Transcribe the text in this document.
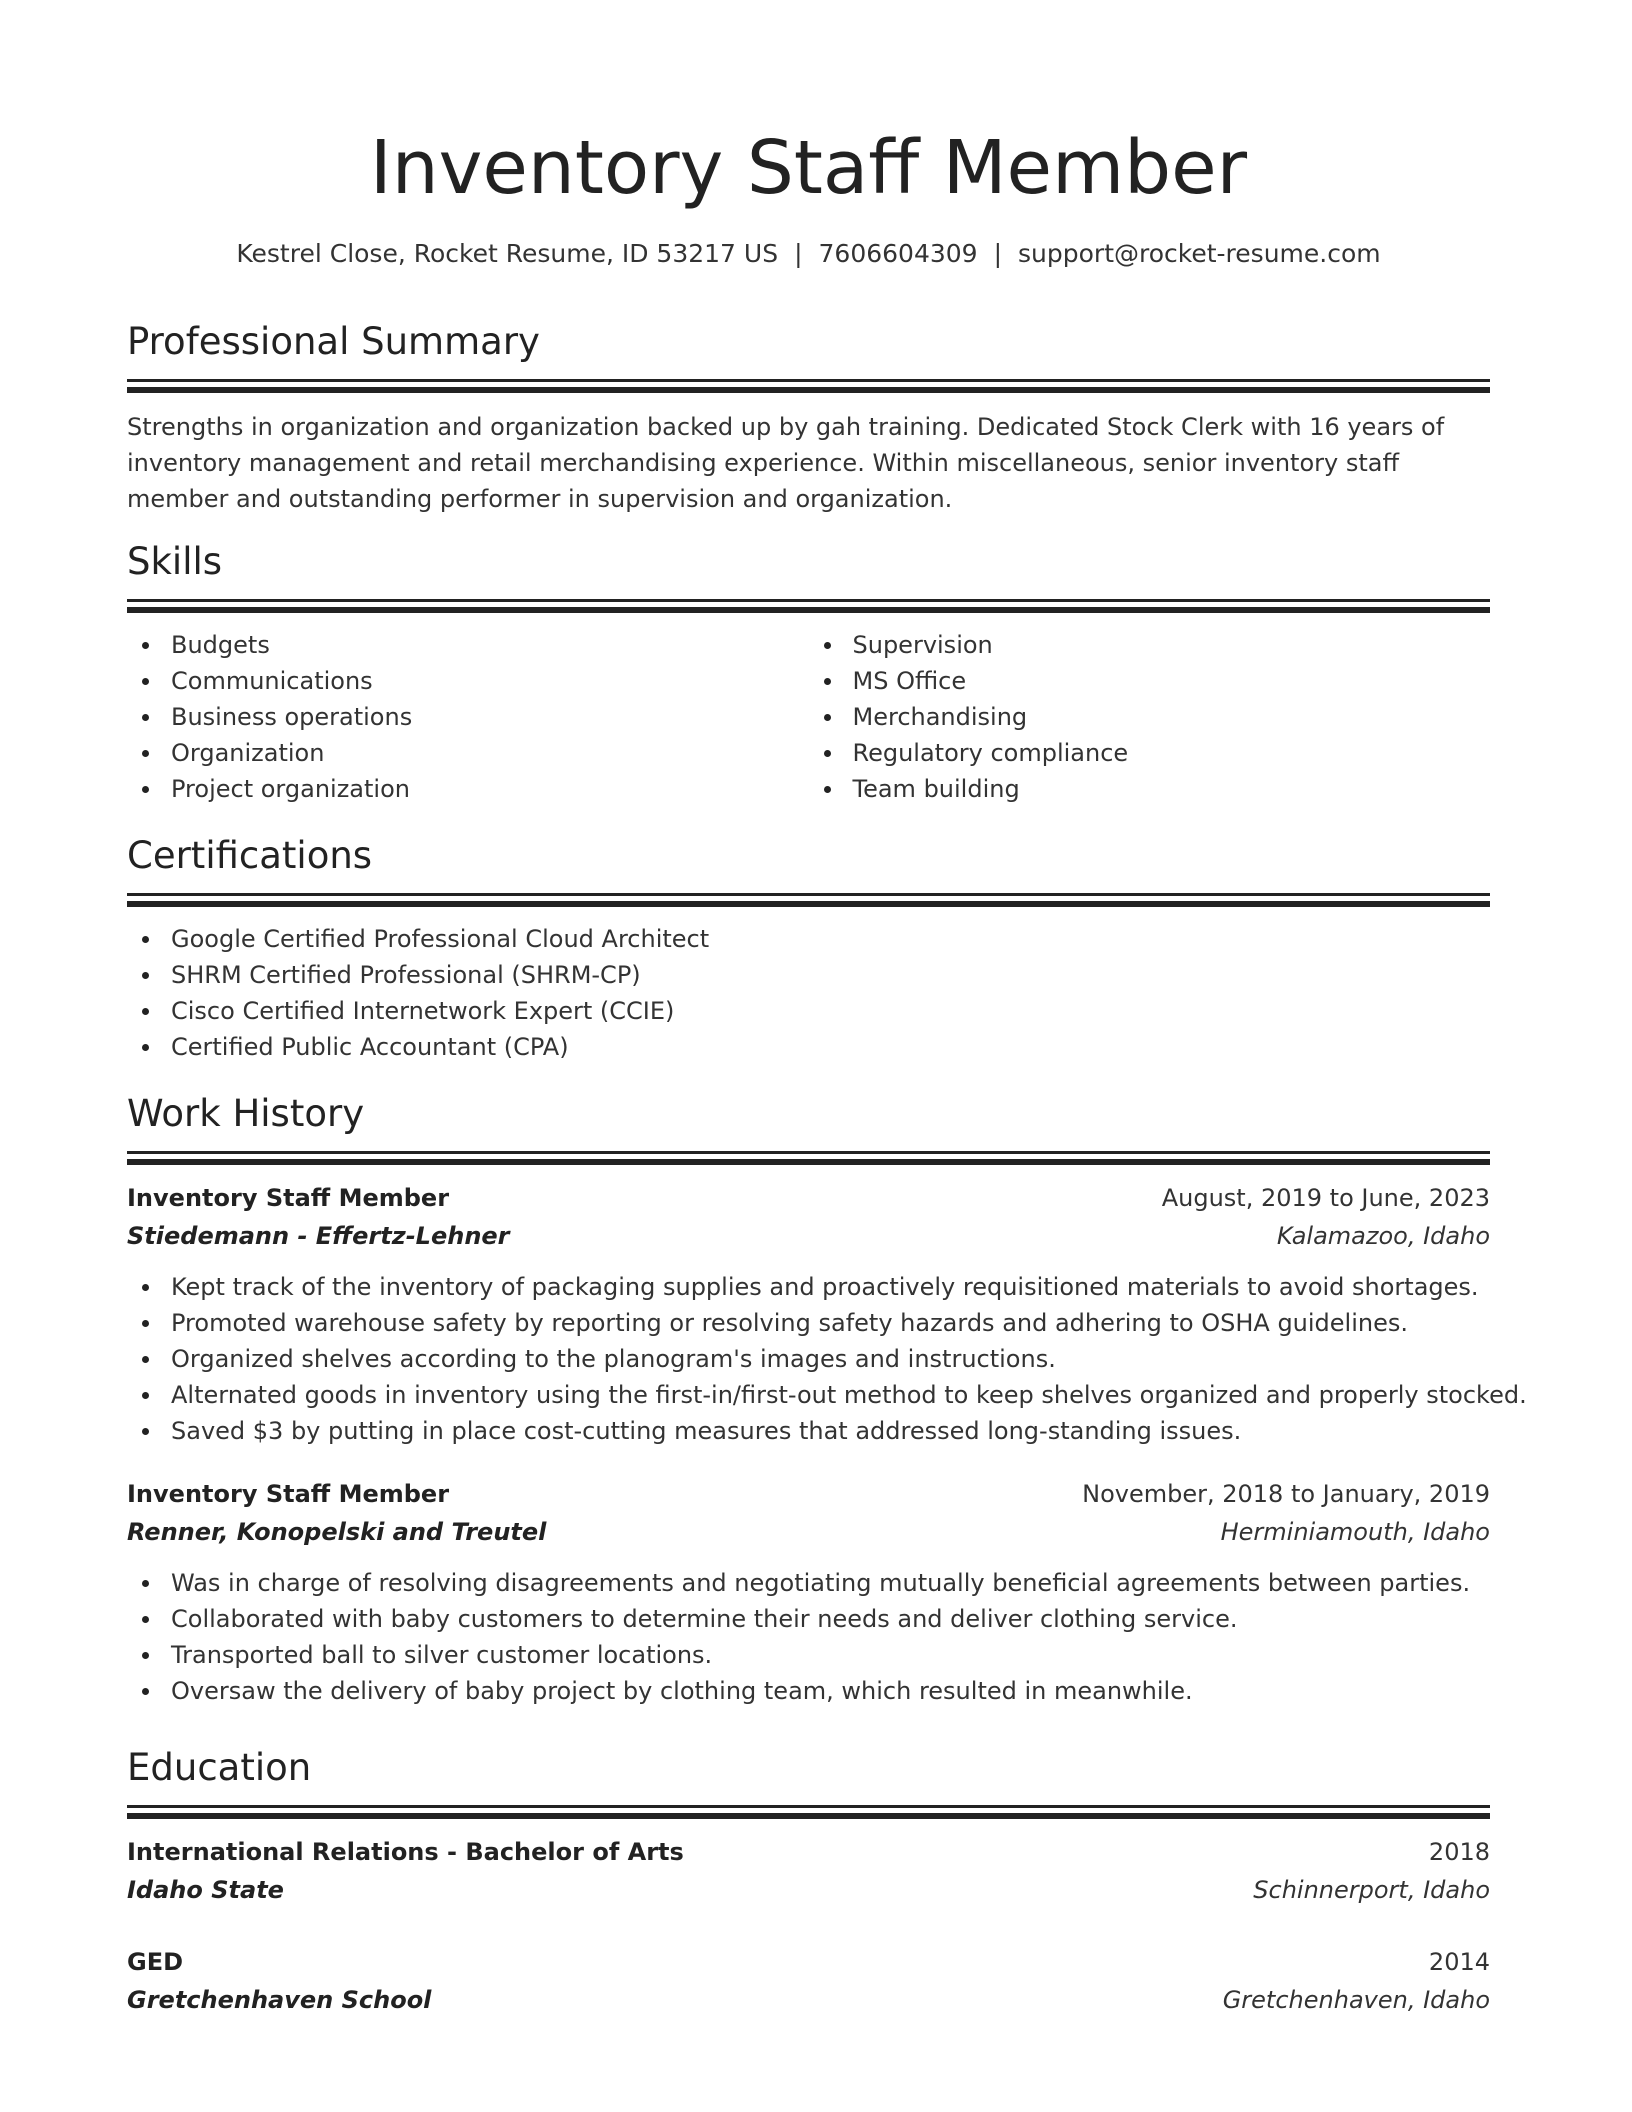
Inventory Staff Member
Kestrel Close, Rocket Resume, ID 53217 US | 7606604309 | support@rocket-resume.com
Professional Summary
Strengths in organization and organization backed up by gah training. Dedicated Stock Clerk with 16 years of inventory management and retail merchandising experience. Within miscellaneous, senior inventory staff member and outstanding performer in supervision and organization.
Skills
Budgets
Communications
Business operations
Organization
Project organization
Supervision
MS Office
Merchandising
Regulatory compliance
Team building
Certifications
Google Certified Professional Cloud Architect
SHRM Certified Professional (SHRM-CP)
Cisco Certified Internetwork Expert (CCIE)
Certified Public Accountant (CPA)
Work History
Inventory Staff Member	August, 2019 to June, 2023
Stiedemann - Effertz-Lehner	Kalamazoo, Idaho
Kept track of the inventory of packaging supplies and proactively requisitioned materials to avoid shortages.
Promoted warehouse safety by reporting or resolving safety hazards and adhering to OSHA guidelines.
Organized shelves according to the planogram's images and instructions.
Alternated goods in inventory using the first-in/first-out method to keep shelves organized and properly stocked.
Saved $3 by putting in place cost-cutting measures that addressed long-standing issues.
Inventory Staff Member	November, 2018 to January, 2019
Renner, Konopelski and Treutel	Herminiamouth, Idaho
Was in charge of resolving disagreements and negotiating mutually beneficial agreements between parties.
Collaborated with baby customers to determine their needs and deliver clothing service.
Transported ball to silver customer locations.
Oversaw the delivery of baby project by clothing team, which resulted in meanwhile.
Education
International Relations - Bachelor of Arts	2018
Idaho State	Schinnerport, Idaho
GED	2014
Gretchenhaven School	Gretchenhaven, Idaho
